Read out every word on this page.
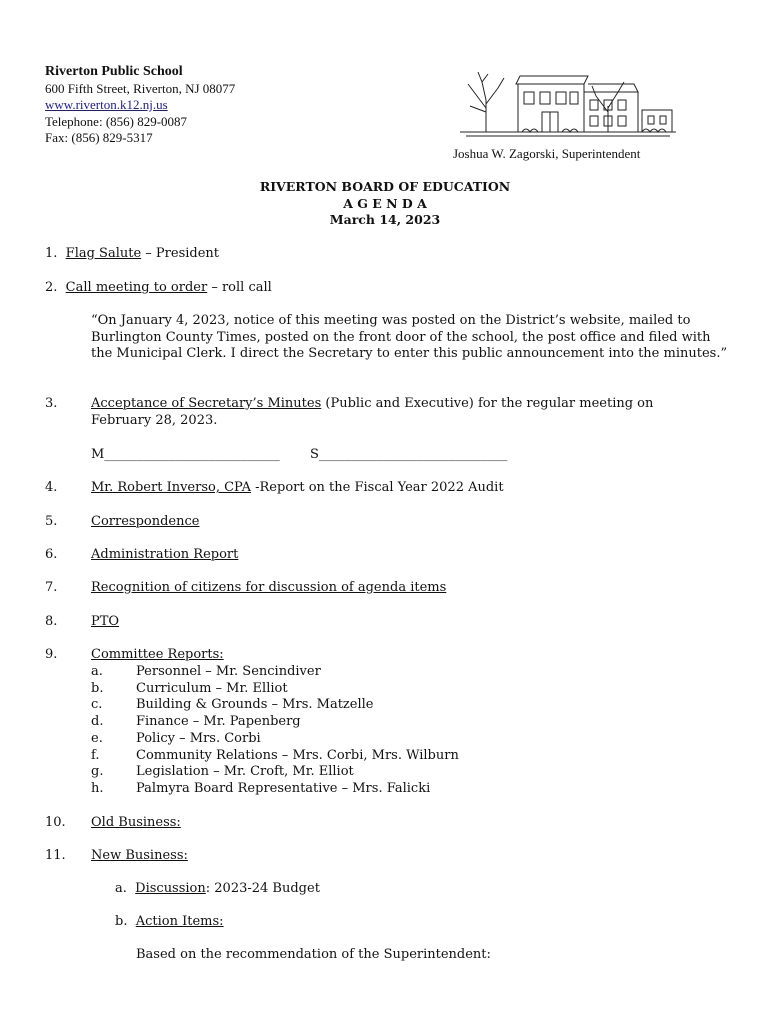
Riverton Public School
600 Fifth Street, Riverton, NJ 08077
www.riverton.k12.nj.us
Telephone: (856) 829-0087
Fax: (856) 829-5317
Joshua W. Zagorski, Superintendent
RIVERTON BOARD OF EDUCATION
A G E N D A
March 14, 2023
1. Flag Salute – President
2. Call meeting to order – roll call
“On January 4, 2023, notice of this meeting was posted on the District’s website, mailed to Burlington County Times, posted on the front door of the school, the post office and filed with the Municipal Clerk. I direct the Secretary to enter this public announcement into the minutes.”
3.	Acceptance of Secretary’s Minutes (Public and Executive) for the regular meeting on
February 28, 2023.
M___________________________ S_____________________________
4.	Mr. Robert Inverso, CPA -Report on the Fiscal Year 2022 Audit
5.	Correspondence
6.	Administration Report
7.	Recognition of citizens for discussion of agenda items
8.	PTO
9.	Committee Reports:
a.	Personnel – Mr. Sencindiver
b.	Curriculum – Mr. Elliot
c.	Building & Grounds – Mrs. Matzelle
d.	Finance – Mr. Papenberg
e.	Policy – Mrs. Corbi
f.	Community Relations – Mrs. Corbi, Mrs. Wilburn
g.	Legislation – Mr. Croft, Mr. Elliot
h. Palmyra Board Representative – Mrs. Falicki
10. Old Business:
11. New Business:
a. Discussion: 2023-24 Budget
b. Action Items:
Based on the recommendation of the Superintendent:
